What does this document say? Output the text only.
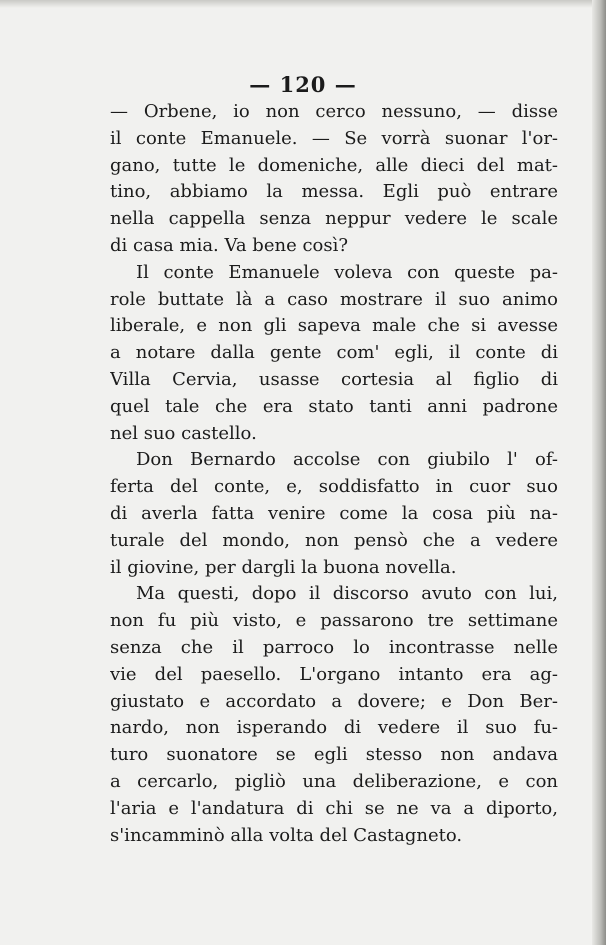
— 120 —
— Orbene, io non cerco nessuno, — disse
il conte Emanuele. — Se vorrà suonar l'or-
gano, tutte le domeniche, alle dieci del mat-
tino, abbiamo la messa. Egli può entrare
nella cappella senza neppur vedere le scale
di casa mia. Va bene così?
Il conte Emanuele voleva con queste pa-
role buttate là a caso mostrare il suo animo
liberale, e non gli sapeva male che si avesse
a notare dalla gente com' egli, il conte di
Villa Cervia, usasse cortesia al figlio di
quel tale che era stato tanti anni padrone
nel suo castello.
Don Bernardo accolse con giubilo l' of-
ferta del conte, e, soddisfatto in cuor suo
di averla fatta venire come la cosa più na-
turale del mondo, non pensò che a vedere
il giovine, per dargli la buona novella.
Ma questi, dopo il discorso avuto con lui,
non fu più visto, e passarono tre settimane
senza che il parroco lo incontrasse nelle
vie del paesello. L'organo intanto era ag-
giustato e accordato a dovere; e Don Ber-
nardo, non isperando di vedere il suo fu-
turo suonatore se egli stesso non andava
a cercarlo, pigliò una deliberazione, e con
l'aria e l'andatura di chi se ne va a diporto,
s'incamminò alla volta del Castagneto.
